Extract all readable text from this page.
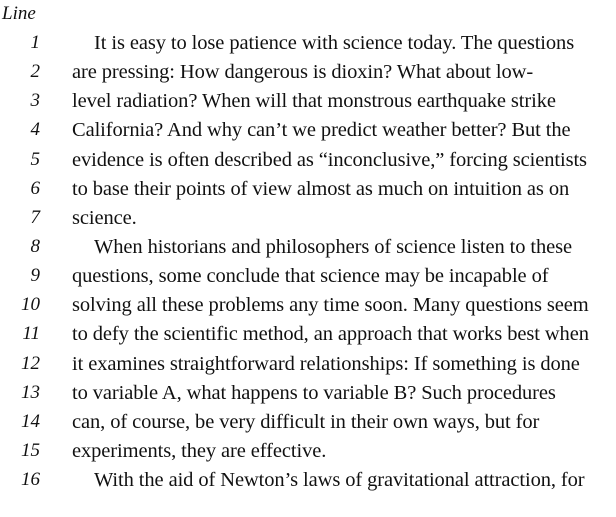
Line
1	It is easy to lose patience with science today. The questions
2 are pressing: How dangerous is dioxin? What about low-
3 level radiation? When will that monstrous earthquake strike
4 California? And why can’t we predict weather better? But the
5 evidence is often described as “inconclusive,” forcing scientists
6 to base their points of view almost as much on intuition as on
7 science.
8	When historians and philosophers of science listen to these
9 questions, some conclude that science may be incapable of
10 solving all these problems any time soon. Many questions seem
11 to defy the scientific method, an approach that works best when
12 it examines straightforward relationships: If something is done
13 to variable A, what happens to variable B? Such procedures
14 can, of course, be very difficult in their own ways, but for
15 experiments, they are effective.
16	With the aid of Newton’s laws of gravitational attraction, for
